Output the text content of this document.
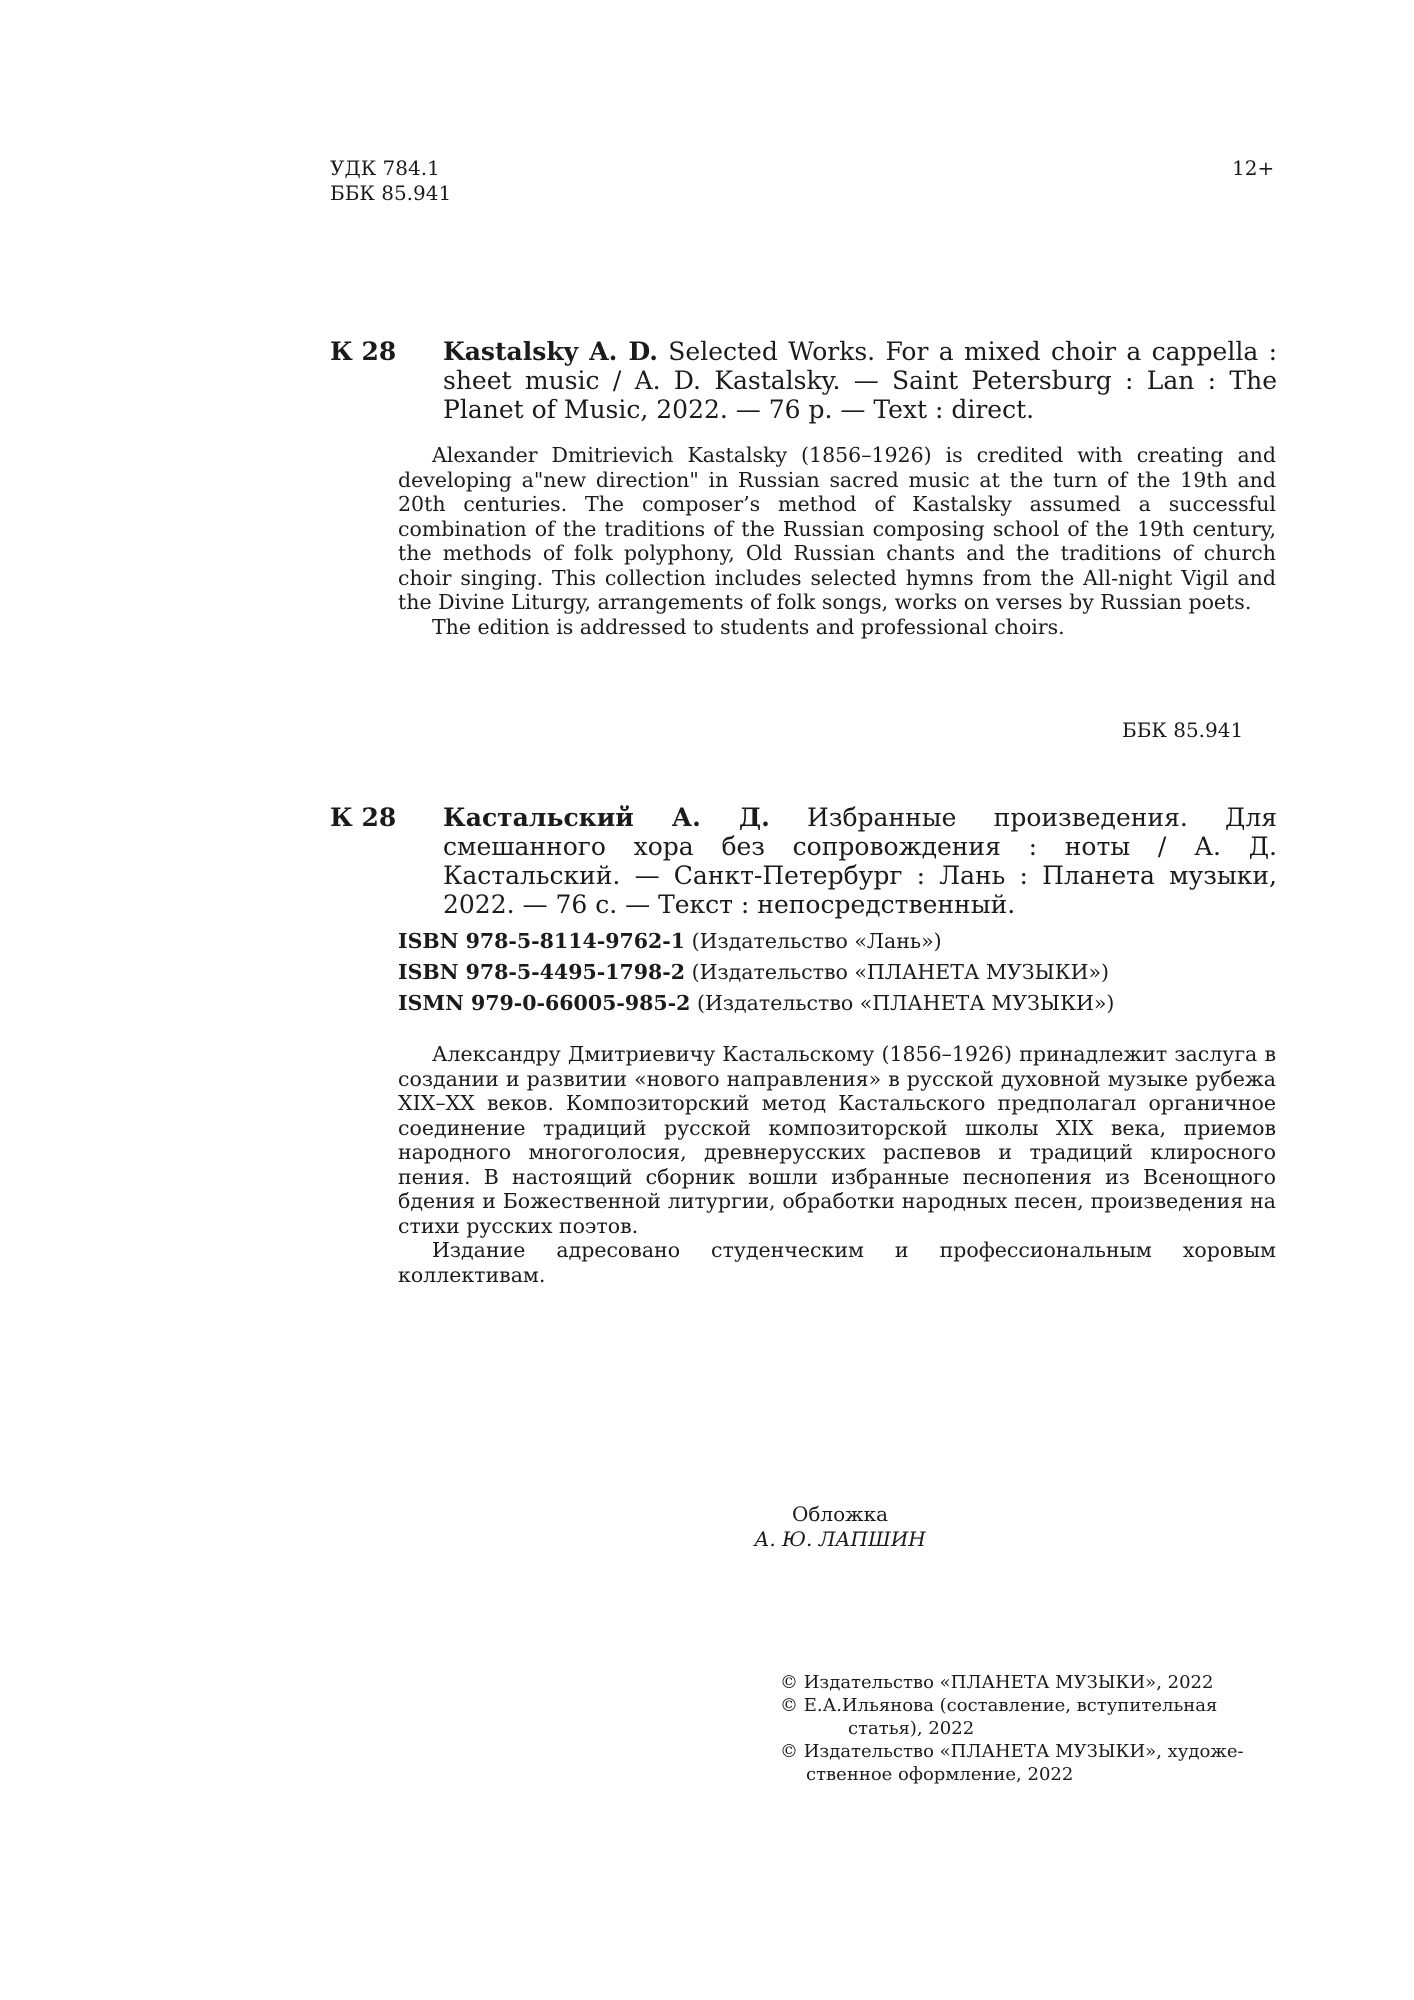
УДК 784.1
ББК 85.941
12+
К 28	Kastalsky A. D. Selected Works. For a mixed choir a cappella : sheet music / A. D. Kastalsky. — Saint Petersburg : Lan : The Planet of Music, 2022. — 76 p. — Text : direct.
Alexander Dmitrievich Kastalsky (1856–1926) is credited with creating and developing a"new direction" in Russian sacred music at the turn of the 19th and 20th centuries. The composer’s method of Kastalsky assumed a successful combination of the traditions of the Russian composing school of the 19th century, the methods of folk polyphony, Old Russian chants and the traditions of church choir singing. This collection includes selected hymns from the All-night Vigil and the Divine Liturgy, arrangements of folk songs, works on verses by Russian poets.
The edition is addressed to students and professional choirs.
ББК 85.941
К 28	Кастальский А. Д. Избранные произведения. Для смешанного хора без сопровождения : ноты / А. Д. Кастальский. — Санкт-Петербург : Лань : Планета музыки, 2022. — 76 с. — Текст : непосредственный.
ISBN 978-5-8114-9762-1 (Издательство «Лань»)
ISBN 978-5-4495-1798-2 (Издательство «ПЛАНЕТА МУЗЫКИ»)
ISMN 979-0-66005-985-2 (Издательство «ПЛАНЕТА МУЗЫКИ»)
Александру Дмитриевичу Кастальскому (1856–1926) принадлежит заслуга в создании и развитии «нового направления» в русской духовной музыке рубежа XIX–XX веков. Композиторский метод Кастальского предполагал органичное соединение традиций русской композиторской школы XIX века, приемов народного многоголосия, древнерусских распевов и традиций клиросного пения. В настоящий сборник вошли избранные песнопения из Всенощного бдения и Божественной литургии, обработки народных песен, произведения на стихи русских поэтов.
Издание адресовано студенческим и профессиональным хоровым коллективам.
Обложка
А. Ю. ЛАПШИН
© Издательство «ПЛАНЕТА МУЗЫКИ», 2022
© Е.А.Ильянова (составление, вступительная
статья), 2022
© Издательство «ПЛАНЕТА МУЗЫКИ», художе-
ственное оформление, 2022
